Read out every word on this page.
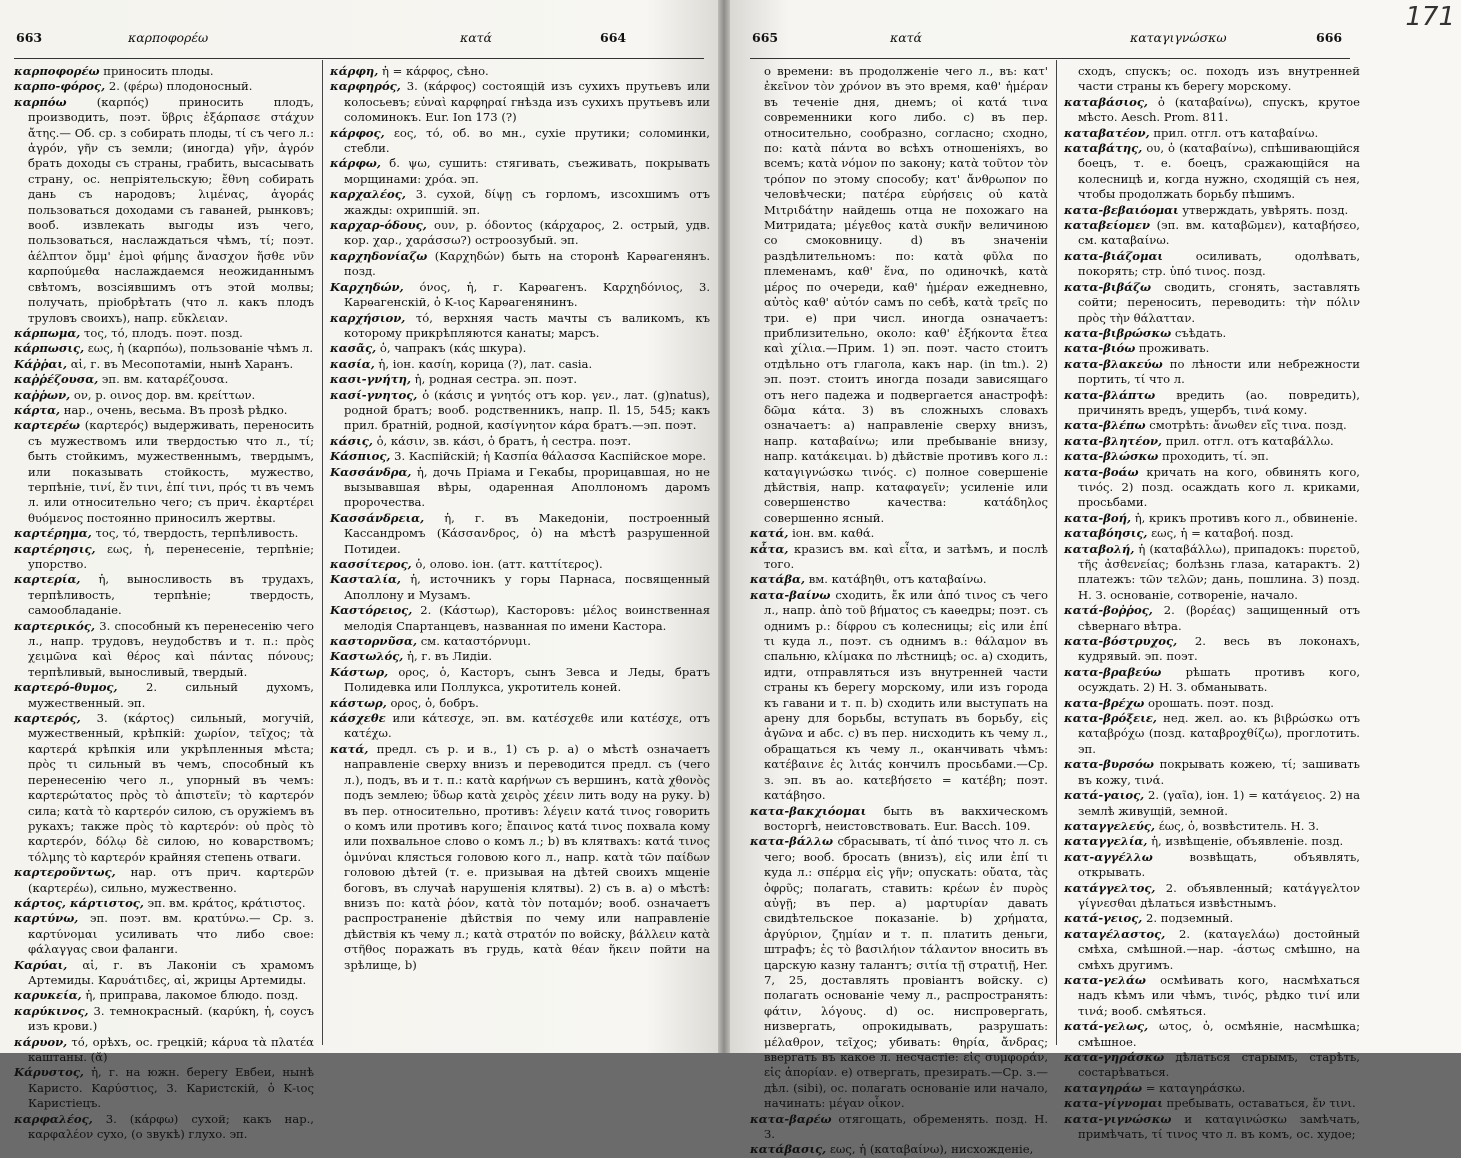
663	καρποφορέω	κατά	664

καρποφορέω приносить плоды.

καρπο-φόρος, 2. (φέρω) плодоносный.

καρπόω	(καρπός) приносить плодъ, производить, поэт. ὕβρις ἐξάρπασε στάχυν ἄτης.— Об. ср. з собирать плоды, τί съ чего л.: ἀγρόν, γῆν съ земли; (иногда) γῆν, ἀγρόν брать доходы съ страны, грабить, высасывать страну, ос. непріятельскую; ἔθνη собирать дань съ народовъ; λιμένας, ἀγοράς пользоваться доходами съ гаваней, рынковъ; вооб. извлекать выгоды изъ чего, пользоваться, наслаждаться чѣмъ, τί; поэт. ἀέλπτον ὄμμ' ἐμοὶ φήμης ἄνασχον ἥσθε νῦν καρπούμεθα наслаждаемся неожиданнымъ свѣтомъ, возсіявшимъ отъ этой молвы; получать, пріобрѣтать (что л. какъ плодъ труловъ своихъ), напр. εὔκλειαν.

κάρπωμα, τος, τό, плодъ. поэт. позд.

κάρπωσις, εως, ἡ (καρπόω), пользованіе чѣмъ л.

Κάῤῥαι, αἱ, г. въ Месопотаміи, нынѣ Харанъ.

καῤῥέζουσα, эп. вм. καταρέζουσα.

καῤῥων, ον, р. οινος дор. вм. κρείττων.

κάρτα, нар., очень, весьма. Въ прозѣ рѣдко.

καρτερέω (καρτερός) выдерживать, переносить съ мужествомъ или твердостью что л., τί; быть стойкимъ, мужественнымъ, твердымъ, или показывать стойкость, мужество, терпѣніе, τινί, ἔν τινι, ἐπί τινι, πρός τι въ чемъ л. или относительно чего; съ прич. ἐκαρτέρει θυόμενος постоянно приносилъ жертвы.

καρτέρημα, τος, τό, твердость, терпѣливость.

καρτέρησις, εως, ἡ, перенесеніе, терпѣніе; упорство.

καρτερία, ἡ, выносливость въ трудахъ, терпѣливость, терпѣніе; твердость, самообладаніе.

καρτερικός, 3. способный къ перенесенію чего л., напр. трудовъ, неудобствъ и т. п.: πρὸς χειμῶνα καὶ θέρος καὶ πάντας πόνους; терпѣливый, выносливый, твердый.

καρτερό-θυμος, 2. сильный духомъ, мужественный. эп.

καρτερός, 3. (κάρτος) сильный, могучій, мужественный, крѣпкій: χωρίον, τεῖχος; τὰ καρτερά крѣпкія или укрѣпленныя мѣста; πρὸς τι сильный въ чемъ, способный къ перенесенію чего л., упорный въ чемъ: καρτερώτατος πρὸς τὸ ἀπιστεῖν; τὸ καρτερόν сила; κατὰ τὸ καρτερόν силою, съ оружіемъ въ рукахъ; также πρὸς τὸ καρτερόν: οὐ πρὸς τὸ καρτερόν, δόλῳ δὲ силою, но коварствомъ; τόλμης τὸ καρτερόν крайняя степень отваги.

καρτεροῦντως, нар. отъ прич. καρτερῶν (καρτερέω), сильно, мужественно.

κάρτος, κάρτιστος, эп. вм. κράτος, κράτιστος.

καρτύνω, эп. поэт. вм. κρατύνω.— Ср. з. καρτύνομαι усиливать что либо свое: φάλαγγας свои фаланги.

Καρύαι, αἱ, г. въ Лаконіи съ храмомъ Артемиды. Καρυάτιδες, αἱ, жрицы Артемиды.

καρυκεία, ἡ, приправа, лакомое блюдо. позд.

καρύκινος, 3. темнокрасный. (καρύκη, ἡ, соусъ изъ крови.)

κάρυον, τό, орѣхъ, ос. грецкій; κάρυα τὰ πλατέα каштаны. (ᾰ)

Κάρυστος, ἡ, г. на южн. берегу Евбеи, нынѣ Каристо. Καρύστιος, 3. Каристскій, ὁ Κ-ιος Каристіецъ.

καρφαλέος, 3. (κάρφω) сухой; какъ нар., καρφαλέον сухо, (о звукѣ) глухо. эп.

κάρφη, ἡ = κάρφος, сѣно.

καρφηρός, 3. (κάρφος) состоящій изъ сухихъ прутьевъ или колосьевъ; εὐναὶ καρφηραί гнѣзда изъ сухихъ прутьевъ или соломинокъ. Eur. Ion 173 (?)

κάρφος, εος, τό, об. во мн., сухіе прутики; соломинки, стебли.

κάρφω, б. ψω, сушить: стягивать, съеживать, покрывать морщинами: χρόα. эп.

καρχαλέος, 3. сухой, δίψῃ съ горломъ, изсохшимъ отъ жажды: охрипшій. эп.

καρχαρ-όδους, ουν, р. όδοντος (κάρχαρος, 2. острый, удв. кор. χαρ., χαράσσω?) остроозубый. эп.

καρχηδονίαζω (Καρχηδών) быть на сторонѣ Карѳагенянъ. позд.

Καρχηδών, όνος, ἡ, г. Карѳагенъ. Καρχηδόνιος, 3. Карѳагенскій, ὁ Κ-ιος Карѳагенянинъ.

καρχήσιον, τό, верхняя часть мачты съ валикомъ, къ которому прикрѣпляются канаты; марсъ.

κασᾶς, ὁ, чапракъ (κάς шкура).

κασία, ἡ, іон. κασίη, корица (?), лат. casia.

κασι-γνήτη, ἡ, родная сестра. эп. поэт.

κασί-γνητος, ὁ (κάσις и γνητός отъ кор. γεν., лат. (g)natus), родной братъ; вооб. родственникъ, напр. Il. 15, 545; какъ прил. братній, родной, κασίγνητον κάρα братъ.—эп. поэт.

κάσις, ὁ, κάσιν, зв. κάσι, ὁ братъ, ἡ сестра. поэт.

Κάσπιος, 3. Каспійскій; ἡ Κασπία θάλασσα Каспійское море.

Κασσάνδρα, ἡ, дочь Пріама и Гекабы, прорицавшая, но не вызывавшая вѣры, одаренная Аполлономъ даромъ пророчества.

Κασσάνδρεια, ἡ, г. въ Македоніи, построенный Кассандромъ (Κάσσανδρος, ὁ) на мѣстѣ разрушенной Потидеи.

κασσίτερος, ὁ, олово. іон. (атт. καττίτερος).

Κασταλία, ἡ, источникъ у горы Парнаса, посвященный Аполлону и Музамъ.

Καστόρειος, 2. (Κάστωρ), Касторовъ: μέλος воинственная мелодія Спартанцевъ, названная по имени Кастора.

καστορνῦσα, см. καταστόρνυμι.

Καστωλός, ἡ, г. въ Лидіи.

Κάστωρ, ορος, ὁ, Касторъ, сынъ Зевса и Леды, братъ Полидевка или Поллукса, укротитель коней.

κάστωρ, ορος, ὁ, бобръ.

κάσχεθε или κάτεσχε, эп. вм. κατέσχεθε или κατέσχε, отъ κατέχω.

κατά, предл. съ р. и в., 1) съ р. а) о мѣстѣ означаетъ направленіе сверху внизъ и переводится предл. съ (чего л.), подъ, въ и т. п.: κατὰ καρήνων съ вершинъ, κατὰ χθονὸς подъ землею; ὕδωρ κατὰ χειρὸς χέειν лить воду на руку. b) въ пер. относительно, противъ: λέγειν κατά τινος говорить о комъ или противъ кого; ἔπαινος κατά τινος похвала кому или похвальное слово о комъ л.; b) въ клятвахъ: κατά τινος ὀμνύναι клясться головою кого л., напр. κατὰ τῶν παίδων головою дѣтей (т. е. призывая на дѣтей своихъ мщеніе боговъ, въ случаѣ нарушенія клятвы). 2) съ в. а) о мѣстѣ: внизъ по: κατὰ ῥόον, κατὰ τὸν ποταμόν; вооб. означаетъ распространеніе дѣйствія по чему или направленіе дѣйствія къ чему л.; κατὰ στρατόν по войску, βάλλειν κατὰ στῆθος поражать въ грудь, κατὰ θέαν ἥκειν пойти на зрѣлище, b)

665	κατά	καταγιγνώσκω	666
171

о времени: въ продолженіе чего л., въ: κατ' ἐκεῖνον τὸν χρόνον въ это время, καθ' ἡμέραν въ теченіе дня, днемъ; οἱ κατά τινα современники кого либо. с) въ пер. относительно, сообразно, согласно; сходно, по: κατὰ πάντα во всѣхъ отношеніяхъ, во всемъ; κατὰ νόμον по закону; κατὰ τοῦτον τὸν τρόπον по этому способу; κατ' ἄνθρωπον по человѣчески; πατέρα εὑρήσεις οὐ κατὰ Μιτριδάτην найдешь отца не похожаго на Митридата; μέγεθος κατὰ συκῆν величиною со смоковницу. d) въ значеніи раздѣлительномъ: по: κατὰ φῦλα по племенамъ, καθ' ἕνα, по одиночкѣ, κατὰ μέρος по очереди, καθ' ἡμέραν ежедневно, αὐτὸς καθ' αὑτόν самъ по себѣ, κατὰ τρεῖς по три. е) при числ. иногда означаетъ: приблизительно, около: καθ' ἑξήκοντα ἔτεα καὶ χίλια.—Прим. 1) эп. поэт. часто стоитъ отдѣльно отъ глагола, какъ нар. (in tm.). 2) эп. поэт. стоитъ иногда позади зависящаго отъ него падежа и подвергается анастрофѣ: δῶμα κάτα. 3) въ сложныхъ словахъ означаетъ: a) направленіе сверху внизъ, напр. καταβαίνω; или пребываніе внизу, напр. κατάκειμαι. b) дѣйствіе противъ кого л.: καταγιγνώσκω τινός. с) полное совершеніе дѣйствія, напр. καταφαγεῖν; усиленіе или совершенство качества: κατάδηλος совершенно ясный.

κατά, іон. вм. καθά.

κἆτα, кразисъ вм. καὶ εἶτα, и затѣмъ, и послѣ того.

κατάβα, вм. κατάβηθι, отъ καταβαίνω.

κατα-βαίνω сходить, ἔκ или ἀπό τινος съ чего л., напр. ἀπὸ τοῦ βήματος съ каѳедры; поэт. съ однимъ р.: δίφρου съ колесницы; εἰς или ἐπί τι куда л., поэт. съ однимъ в.: θάλαμον въ спальню, κλίμακα по лѣстницѣ; ос. а) сходить, идти, отправляться изъ внутренней части страны къ берегу морскому, или изъ города къ гавани и т. п. b) сходить или выступать на арену для борьбы, вступать въ борьбу, εἰς ἀγῶνα и абс. с) въ пер. нисходить къ чему л., обращаться къ чему л., оканчивать чѣмъ: κατέβαινε ἐς λιτάς кончилъ просьбами.—Ср. з. эп. въ ао. κατεβήσετο = κατέβη; поэт. κατάβησο.

κατα-βακχιόομαι быть въ вакхическомъ восторгѣ, неистовствовать. Eur. Bacch. 109.

κατα-βάλλω сбрасывать, τί ἀπό τινος что л. съ чего; вооб. бросать (внизъ), εἰς или ἐπί τι куда л.: σπέρμα εἰς γῆν; опускать: οὔατα, τὰς ὀφρῦς; полагать, ставить: κρέων ἐν πυρὸς αὐγῇ; въ пер. a) μαρτυρίαν давать свидѣтельское показаніе. b) χρήματα, ἀργύριον, ζημίαν и т. п. платить деньги, штрафъ; ἐς τὸ βασιλήιον τάλαντον вносить въ царскую казну талантъ; σιτία τῇ στρατιῇ, Her. 7, 25, доставлять провіантъ войску. с) полагать основаніе чему л., распространять: φάτιν, λόγους. d) ос. ниспровергать, низвергать, опрокидывать, разрушать: μέλαθρον, τεῖχος; убивать: θηρία, ἄνδρας; ввергать въ какое л. несчастіе: εἰς συμφοράν, εἰς ἀπορίαν. е) отвергать, презирать.—Ср. з.—дѣл. (sibi), ос. полагать основаніе или начало, начинать: μέγαν οἶκον.

κατα-βαρέω отягощать, обременять. позд. Н. З.

κατάβασις, εως, ἡ (καταβαίνω), нисхожденіе,

сходъ, спускъ; ос. походъ изъ внутренней части страны къ берегу морскому.

καταβάσιος, ὁ (καταβαίνω), спускъ, крутое мѣсто. Aesch. Prom. 811.

καταβατέον, прил. отгл. отъ καταβαίνω.

καταβάτης, ου, ὁ (καταβαίνω), спѣшивающійся боецъ, т. е. боецъ, сражающійся на колесницѣ и, когда нужно, сходящій съ нея, чтобы продолжать борьбу пѣшимъ.

κατα-βεβαιόομαι утверждать, увѣрять. позд.

καταβείομεν (эп. вм. καταβῶμεν), καταβήσεο, см. καταβαίνω.

κατα-βιάζομαι	осиливать, одолѣвать, покорять; стр. ὑπό τινος. позд.

κατα-βιβάζω сводить, сгонять, заставлять сойти; переносить, переводить: τὴν πόλιν πρὸς τὴν θάλατταν.

κατα-βιβρώσκω съѣдать.

κατα-βιόω проживать.

κατα-βλακεύω по лѣности или небрежности портить, τί что л.

κατα-βλάπτω вредить (ао. повредить), причинять вредъ, ущербъ, τινά кому.

κατα-βλέπω смотрѣть: ἄνωθεν εἴς τινα. позд.

κατα-βλητέον, прил. отгл. отъ καταβάλλω.

κατα-βλώσκω проходить, τί. эп.

κατα-βοάω кричать на кого, обвинять кого, τινός. 2) позд. осаждать кого л. криками, просьбами.

κατα-βοή, ἡ, крикъ противъ кого л., обвиненіе.

καταβόησις, εως, ἡ = καταβοή. позд.

καταβολή, ἡ (καταβάλλω), припадокъ: πυρετοῦ, τῆς ἀσθενείας; болѣзнь глаза, катарактъ. 2) платежъ: τῶν τελῶν; дань, пошлина. 3) позд. Н. З. основаніе, сотвореніе, начало.

κατά-βοῤῥος, 2. (βορέας) защищенный отъ сѣвернаго вѣтра.

κατα-βόστρυχος, 2. весь въ локонахъ, кудрявый. эп. поэт.

κατα-βραβεύω рѣшать противъ кого, осуждать. 2) Н. З. обманывать.

κατα-βρέχω орошать. поэт. позд.

κατα-βρόξειε, нед. жел. ао. къ βιβρώσκω отъ καταβρόχω (позд. καταβροχθίζω), проглотить. эп.

κατα-βυρσόω покрывать кожею, τί; зашивать въ кожу, τινά.

κατά-γαιος, 2. (γαῖα), іон. 1) = κατάγειος. 2) на землѣ живущій, земной.

καταγγελεύς, έως, ὁ, возвѣститель. Н. З.

καταγγελία, ἡ, извѣщеніе, объявленіе. позд.

κατ-αγγέλλω	возвѣщать, объявлять, открывать.

κατάγγελτος, 2. объявленный; κατάγγελτον γίγνεσθαι дѣлаться извѣстнымъ.

κατά-γειος, 2. подземный.

καταγέλαστος, 2. (καταγελάω) достойный смѣха, смѣшной.—нар. -άστως смѣшно, на смѣхъ другимъ.

κατα-γελάω осмѣивать кого, насмѣхаться надъ кѣмъ или чѣмъ, τινός, рѣдко τινί или τινά; вооб. смѣяться.

κατά-γελως, ωτος, ὁ, осмѣяніе, насмѣшка; смѣшное.

κατα-γηράσκω дѣлаться старымъ, старѣть, состарѣваться.

καταγηράω = καταγηράσκω.

κατα-γίγνομαι пребывать, оставаться, ἔν τινι.

κατα-γιγνώσκω и καταγινώσκω замѣчать, примѣчать, τί τινος что л. въ комъ, ос. худое;
